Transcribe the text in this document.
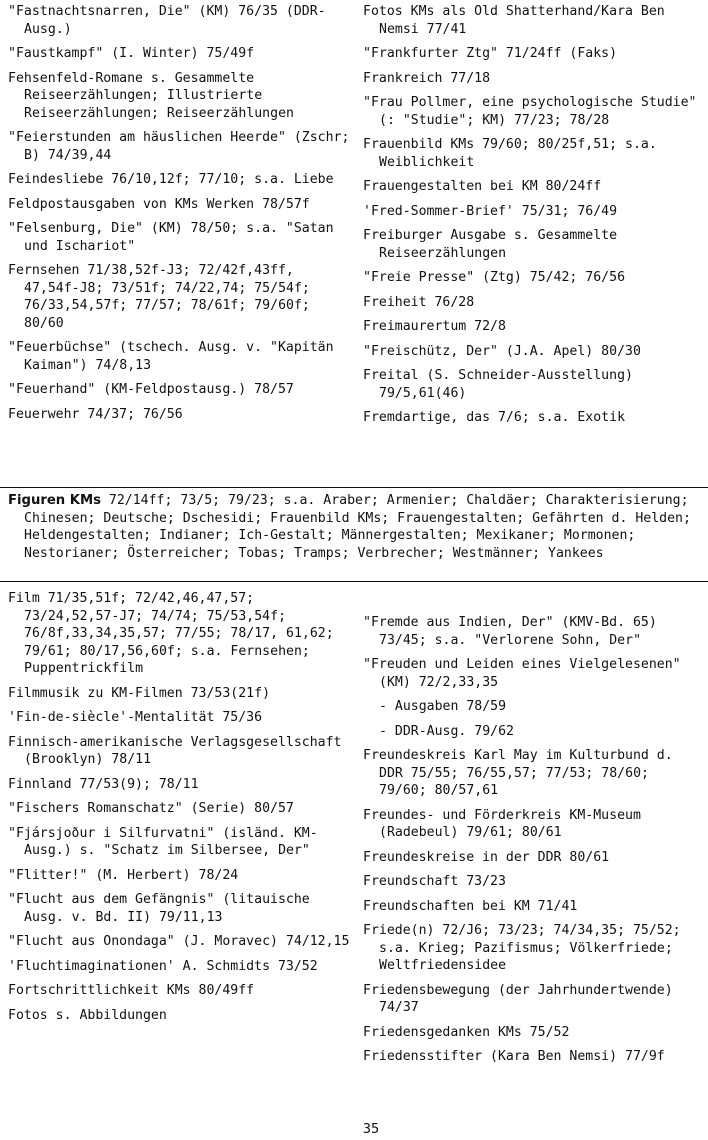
"Fastnachtsnarren, Die" (KM) 76/35 (DDR-Ausg.)

"Faustkampf" (I. Winter) 75/49f

Fehsenfeld-Romane s. Gesammelte Reiseerzählungen; Illustrierte Reiseerzählungen; Reiseerzählungen

"Feierstunden am häuslichen Heerde" (Zschr; B) 74/39,44

Feindesliebe 76/10,12f; 77/10; s.a. Liebe

Feldpostausgaben von KMs Werken 78/57f

"Felsenburg, Die" (KM) 78/50; s.a. "Satan und Ischariot"

Fernsehen 71/38,52f-J3; 72/42f,43ff, 47,54f-J8; 73/51f; 74/22,74; 75/54f; 76/33,54,57f; 77/57; 78/61f; 79/60f; 80/60

"Feuerbüchse" (tschech. Ausg. v. "Kapitän Kaiman") 74/8,13

"Feuerhand" (KM-Feldpostausg.) 78/57

Feuerwehr 74/37; 76/56

Fotos KMs als Old Shatterhand/Kara Ben Nemsi 77/41

"Frankfurter Ztg" 71/24ff (Faks)

Frankreich 77/18

"Frau Pollmer, eine psychologische Studie" (: "Studie"; KM) 77/23; 78/28

Frauenbild KMs 79/60; 80/25f,51; s.a. Weiblichkeit

Frauengestalten bei KM 80/24ff

'Fred-Sommer-Brief' 75/31; 76/49

Freiburger Ausgabe s. Gesammelte Reiseerzählungen

"Freie Presse" (Ztg) 75/42; 76/56

Freiheit 76/28

Freimaurertum 72/8

"Freischütz, Der" (J.A. Apel) 80/30

Freital (S. Schneider-Ausstellung) 79/5,61(46)

Fremdartige, das 7/6; s.a. Exotik

Figuren KMs 72/14ff; 73/5; 79/23; s.a. Araber; Armenier; Chaldäer; Charakterisierung; Chinesen; Deutsche; Dschesidi; Frauenbild KMs; Frauengestalten; Gefährten d. Helden; Heldengestalten; Indianer; Ich-Gestalt; Männergestalten; Mexikaner; Mormonen; Nestorianer; Österreicher; Tobas; Tramps; Verbrecher; Westmänner; Yankees

Film 71/35,51f; 72/42,46,47,57; 73/24,52,57-J7; 74/74; 75/53,54f; 76/8f,33,34,35,57; 77/55; 78/17, 61,62; 79/61; 80/17,56,60f; s.a. Fernsehen; Puppentrickfilm

Filmmusik zu KM-Filmen 73/53(21f)

'Fin-de-siècle'-Mentalität 75/36

Finnisch-amerikanische Verlagsgesellschaft (Brooklyn) 78/11

Finnland 77/53(9); 78/11

"Fischers Romanschatz" (Serie) 80/57

"Fjársjoður i Silfurvatni" (isländ. KM-Ausg.) s. "Schatz im Silbersee, Der"

"Flitter!" (M. Herbert) 78/24

"Flucht aus dem Gefängnis" (litauische Ausg. v. Bd. II) 79/11,13

"Flucht aus Onondaga" (J. Moravec) 74/12,15

'Fluchtimaginationen' A. Schmidts 73/52

Fortschrittlichkeit KMs 80/49ff

Fotos s. Abbildungen

"Fremde aus Indien, Der" (KMV-Bd. 65) 73/45; s.a. "Verlorene Sohn, Der"

"Freuden und Leiden eines Vielgelesenen" (KM) 72/2,33,35

- Ausgaben 78/59

- DDR-Ausg. 79/62

Freundeskreis Karl May im Kulturbund d. DDR 75/55; 76/55,57; 77/53; 78/60; 79/60; 80/57,61

Freundes- und Förderkreis KM-Museum (Radebeul) 79/61; 80/61

Freundeskreise in der DDR 80/61

Freundschaft 73/23

Freundschaften bei KM 71/41

Friede(n) 72/J6; 73/23; 74/34,35; 75/52; s.a. Krieg; Pazifismus; Völkerfriede; Weltfriedensidee

Friedensbewegung (der Jahrhundertwende) 74/37

Friedensgedanken KMs 75/52

Friedensstifter (Kara Ben Nemsi) 77/9f

35
